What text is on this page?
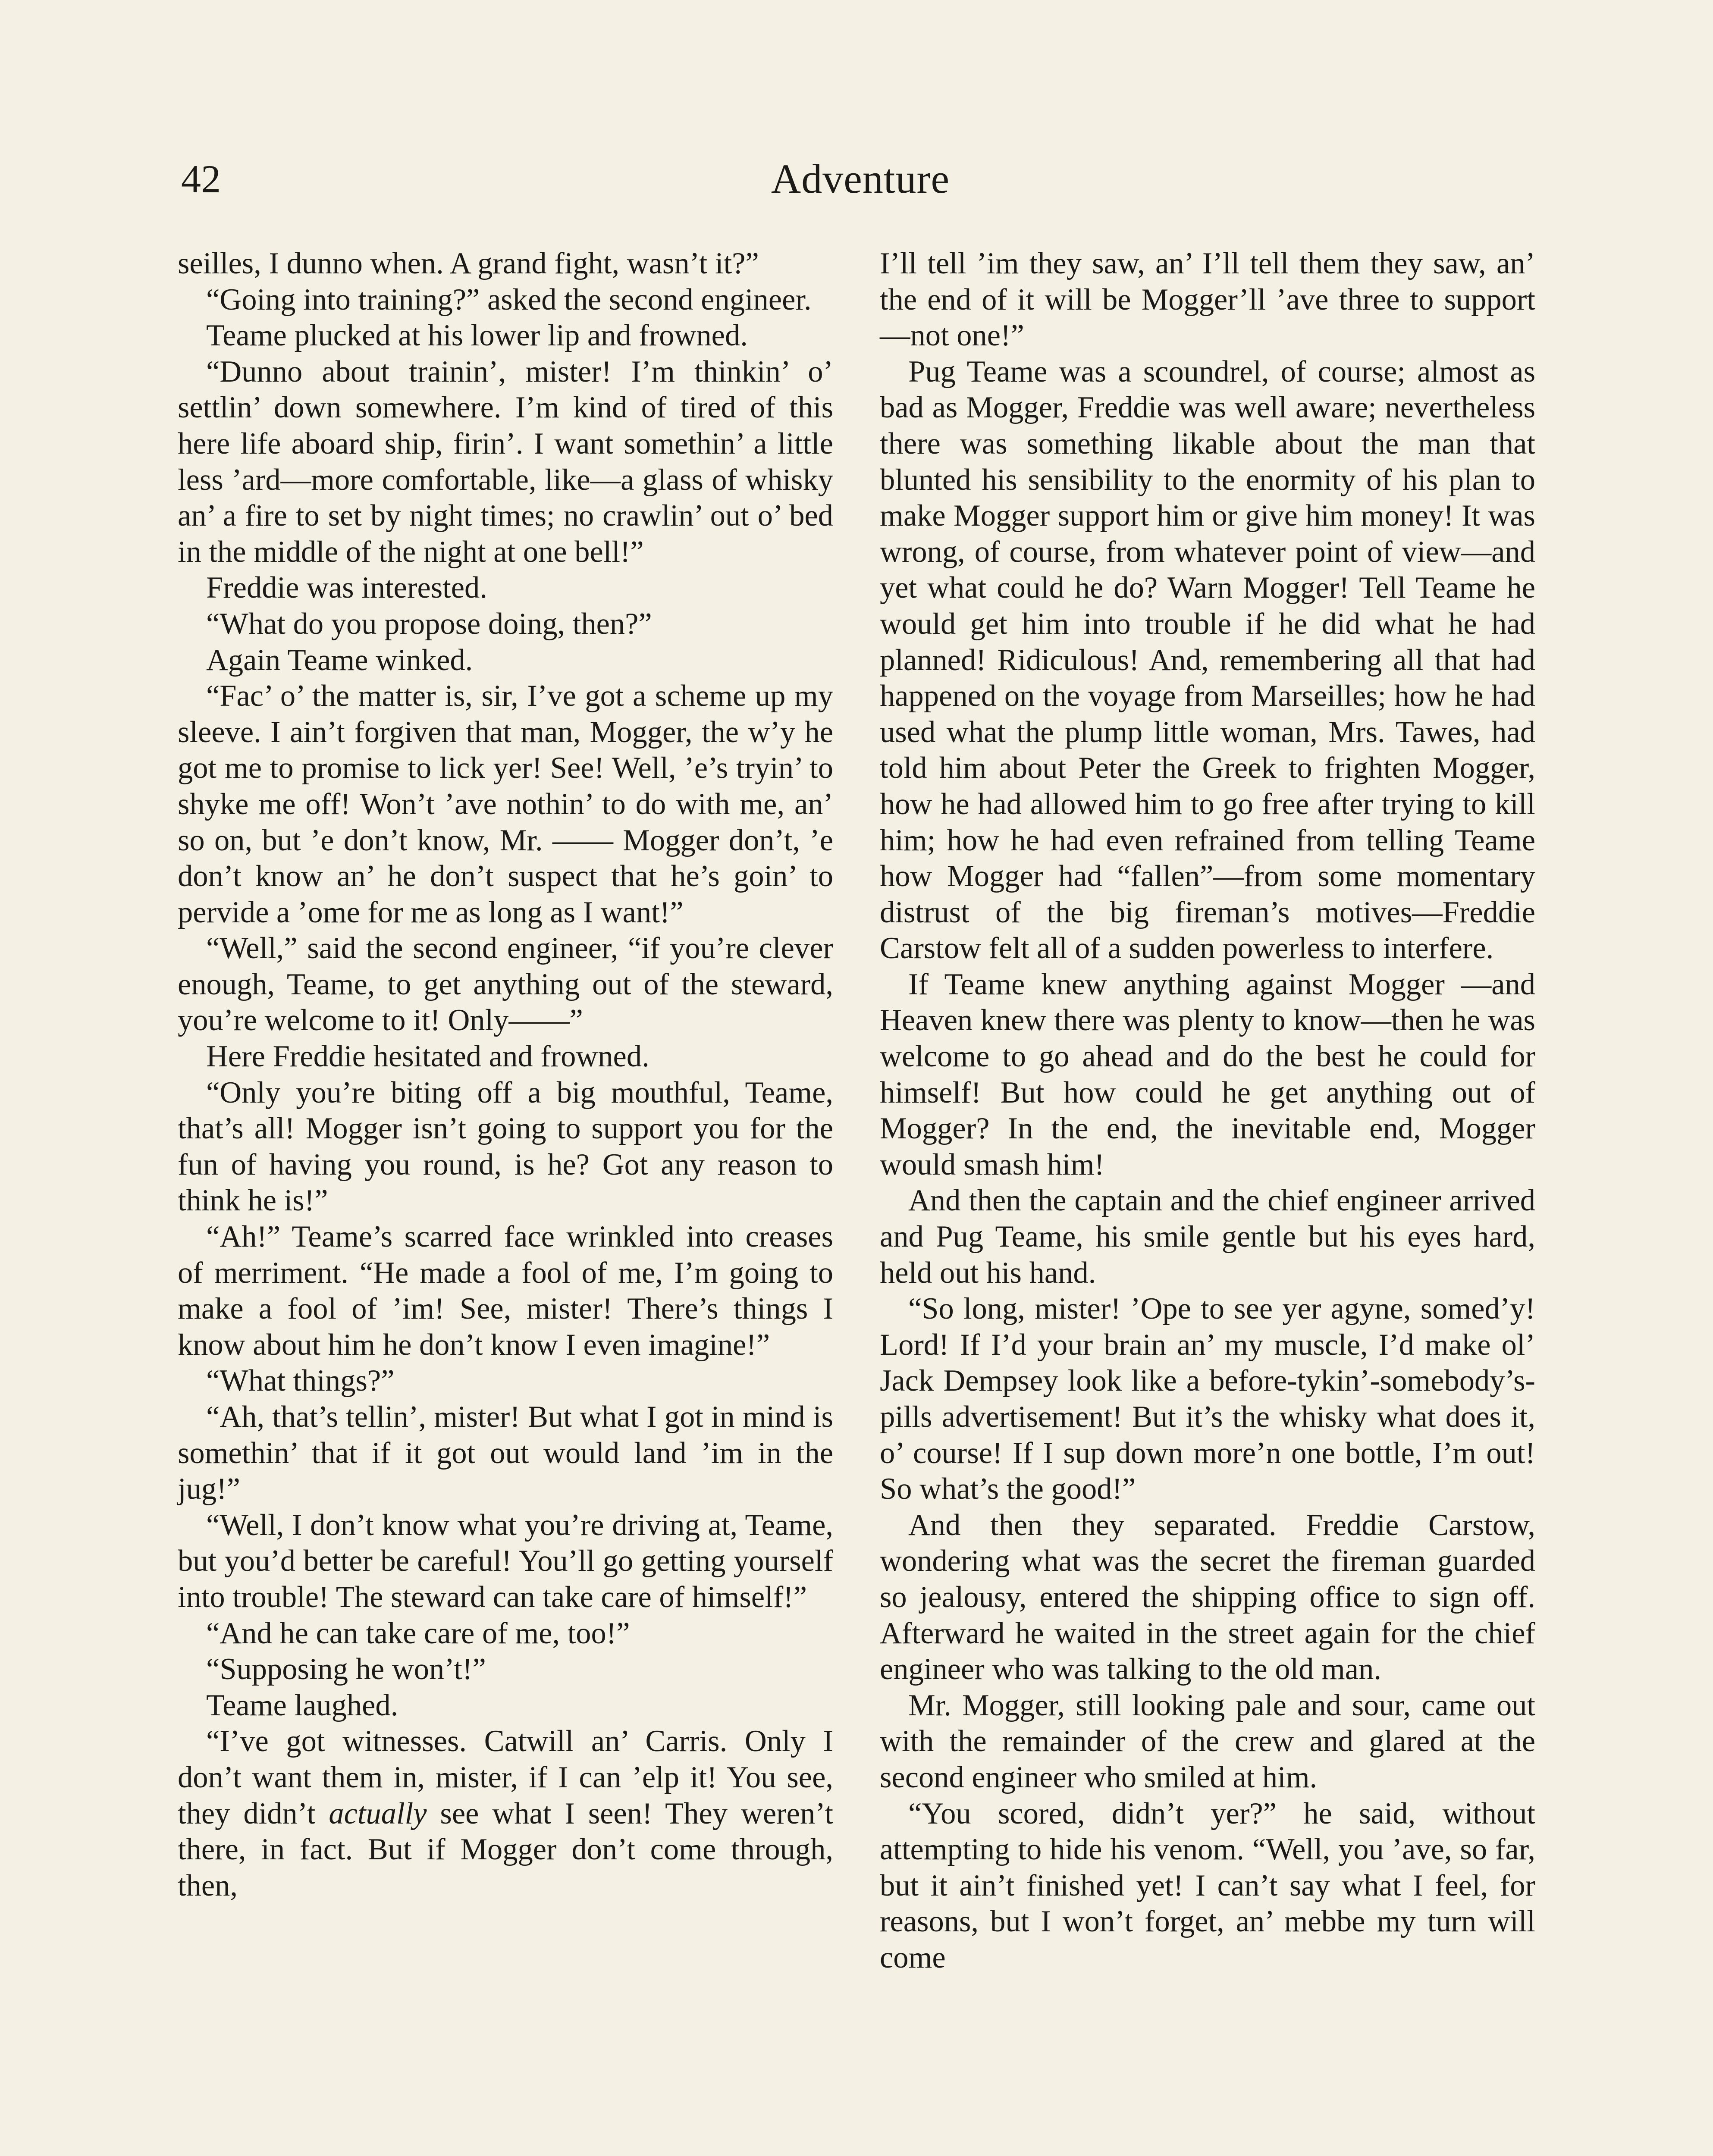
42	Adventure

seilles, I dunno when. A grand fight, wasn’t it?”

“Going into training?” asked the second engineer.

Teame plucked at his lower lip and frowned.

“Dunno about trainin’, mister! I’m thinkin’ o’ settlin’ down somewhere. I’m kind of tired of this here life aboard ship, firin’. I want somethin’ a little less ’ard—more comfortable, like—a glass of whisky an’ a fire to set by night times; no crawlin’ out o’ bed in the middle of the night at one bell!”

Freddie was interested.

“What do you propose doing, then?”

Again Teame winked.

“Fac’ o’ the matter is, sir, I’ve got a scheme up my sleeve. I ain’t forgiven that man, Mogger, the w’y he got me to promise to lick yer! See! Well, ’e’s tryin’ to shyke me off! Won’t ’ave nothin’ to do with me, an’ so on, but ’e don’t know, Mr. —— Mogger don’t, ’e don’t know an’ he don’t suspect that he’s goin’ to pervide a ’ome for me as long as I want!”

“Well,” said the second engineer, “if you’re clever enough, Teame, to get anything out of the steward, you’re welcome to it! Only——”

Here Freddie hesitated and frowned.

“Only you’re biting off a big mouthful, Teame, that’s all! Mogger isn’t going to support you for the fun of having you round, is he? Got any reason to think he is!”

“Ah!” Teame’s scarred face wrinkled into creases of merriment. “He made a fool of me, I’m going to make a fool of ’im! See, mister! There’s things I know about him he don’t know I even imagine!”

“What things?”

“Ah, that’s tellin’, mister! But what I got in mind is somethin’ that if it got out would land ’im in the jug!”

“Well, I don’t know what you’re driving at, Teame, but you’d better be careful! You’ll go getting yourself into trouble! The steward can take care of himself!”

“And he can take care of me, too!”

“Supposing he won’t!”

Teame laughed.

“I’ve got witnesses. Catwill an’ Carris. Only I don’t want them in, mister, if I can ’elp it! You see, they didn’t actually see what I seen! They weren’t there, in fact. But if Mogger don’t come through, then,

I’ll tell ’im they saw, an’ I’ll tell them they saw, an’ the end of it will be Mogger’ll ’ave three to support—not one!”

Pug Teame was a scoundrel, of course; almost as bad as Mogger, Freddie was well aware; nevertheless there was something likable about the man that blunted his sensibility to the enormity of his plan to make Mogger support him or give him money! It was wrong, of course, from whatever point of view—and yet what could he do? Warn Mogger! Tell Teame he would get him into trouble if he did what he had planned! Ridiculous! And, remembering all that had happened on the voyage from Marseilles; how he had used what the plump little woman, Mrs. Tawes, had told him about Peter the Greek to frighten Mogger, how he had allowed him to go free after trying to kill him; how he had even refrained from telling Teame how Mogger had “fallen”—from some momentary distrust of the big fireman’s motives—Freddie Carstow felt all of a sudden powerless to interfere.

If Teame knew anything against Mogger —and Heaven knew there was plenty to know—then he was welcome to go ahead and do the best he could for himself! But how could he get anything out of Mogger? In the end, the inevitable end, Mogger would smash him!

And then the captain and the chief engineer arrived and Pug Teame, his smile gentle but his eyes hard, held out his hand.

“So long, mister! ’Ope to see yer agyne, somed’y! Lord! If I’d your brain an’ my muscle, I’d make ol’ Jack Dempsey look like a before-tykin’-somebody’s-pills advertisement! But it’s the whisky what does it, o’ course! If I sup down more’n one bottle, I’m out! So what’s the good!”

And then they separated. Freddie Carstow, wondering what was the secret the fireman guarded so jealousy, entered the shipping office to sign off. Afterward he waited in the street again for the chief engineer who was talking to the old man.

Mr. Mogger, still looking pale and sour, came out with the remainder of the crew and glared at the second engineer who smiled at him.

“You scored, didn’t yer?” he said, without attempting to hide his venom. “Well, you ’ave, so far, but it ain’t finished yet! I can’t say what I feel, for reasons, but I won’t forget, an’ mebbe my turn will come
